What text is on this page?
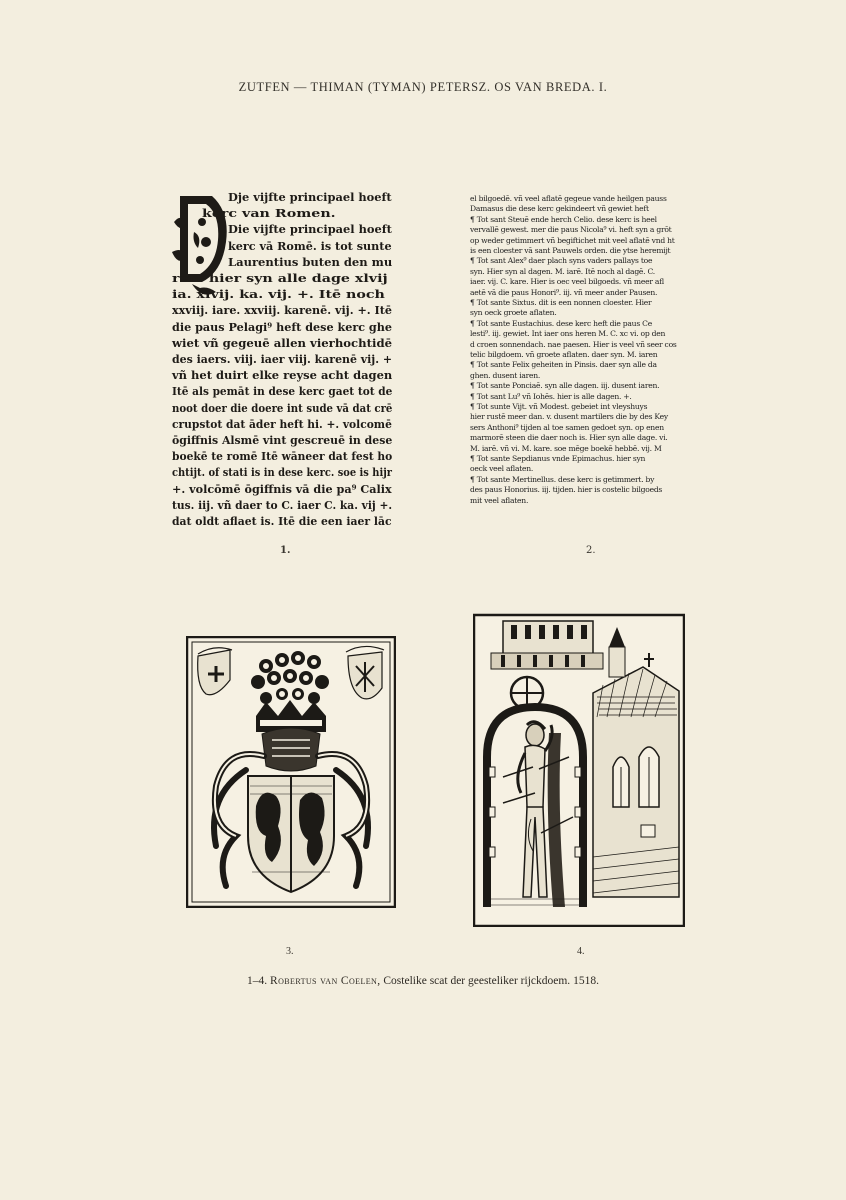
ZUTFEN — THIMAN (TYMAN) PETERSZ. OS VAN BREDA. I.
Dje vijfte principael hoeft
kerc van Romen.
Die vijfte principael hoeft
kerc vā Romē. is tot sunte
Laurentius buten den mu
ren. hier syn alle dage xlvij
ia. xlvij. ka. vij. +. Itē noch
xxviij. iare. xxviij. karenē. vij. +. Itē
die paus Pelagi⁹ heft dese kerc ghe
wiet vñ gegeuē allen vierhochtidē
des iaers. viij. iaer viij. karenē vij. +
vñ het duirt elke reyse acht dagen
Itē als pemāt in dese kerc gaet tot de
noot doer die doere int sude vā dat crē
crupstot dat āder heft hi. +. volcomē
ōgiffnis Alsmē vint gescreuē in dese
boekē te romē Itē wāneer dat fest ho
chtijt. of stati is in dese kerc. soe is hijr
+. volcōmē ōgiffnis vā die pa⁹ Calix
tus. iij. vñ daer to C. iaer C. ka. vij +.
dat oldt aflaet is. Itē die een iaer lāc
1.
el bilgoedē. vñ veel aflatē gegeue vande heilgen pauss
Damasus die dese kerc gekindeert vñ gewiet heft
¶ Tot sant Steuē ende herch Celio. dese kerc is heel
vervallē gewest. mer die paus Nicola⁹ vi. heft syn a grōt
op weder getimmert vñ begiftichet mit veel aflatē vnd ht
is een cloester vā sant Pauwels orden. die ytse heremijt
¶ Tot sant Alex⁹ daer plach syns vaders pallays toe
syn. Hier syn al dagen. M. iarē. Itē noch al dagē. C.
iaer. vij. C. kare. Hier is oec veel bilgoeds. vñ meer afl
aetē vā die paus Honori⁹. iij. vñ meer ander Pausen.
¶ Tot sante Sixtus. dit is een nonnen cloester. Hier
syn oeck groete aflaten.
¶ Tot sante Eustachius. dese kerc heft die paus Ce
lesti⁹. iij. gewiet. Int iaer ons heren M. C. xc vi. op den
d croen sonnendach. nae paesen. Hier is veel vñ seer cos
telic bilgdoem. vñ groete aflaten. daer syn. M. iaren
¶ Tot sante Felix geheiten in Pinsis. daer syn alle da
ghen. dusent iaren.
¶ Tot sante Ponciaē. syn alle dagen. iij. dusent iaren.
¶ Tot sant Lu⁹ vñ Iohēs. hier is alle dagen. +.
¶ Tot sunte Vijt. vñ Modest. gebeiet int vleyshuys
hier rustē meer dan. v. dusent martilers die by des Key
sers Anthoni⁹ tijden al toe samen gedoet syn. op enen
marmorē steen die daer noch is. Hier syn alle dage. vi.
M. iarē. vñ vi. M. kare. soe mēge boekē hebbē. vij. M
¶ Tot sante Sepdianus vnde Epimachus. hier syn
oeck veel aflaten.
¶ Tot sante Mertinellus. dese kerc is getimmert. by
des paus Honorius. iij. tijden. hier is costelic bilgoeds
mit veel aflaten.
2.
3.	4.
1–4. Robertus van Coelen, Costelike scat der geesteliker rijckdoem. 1518.
